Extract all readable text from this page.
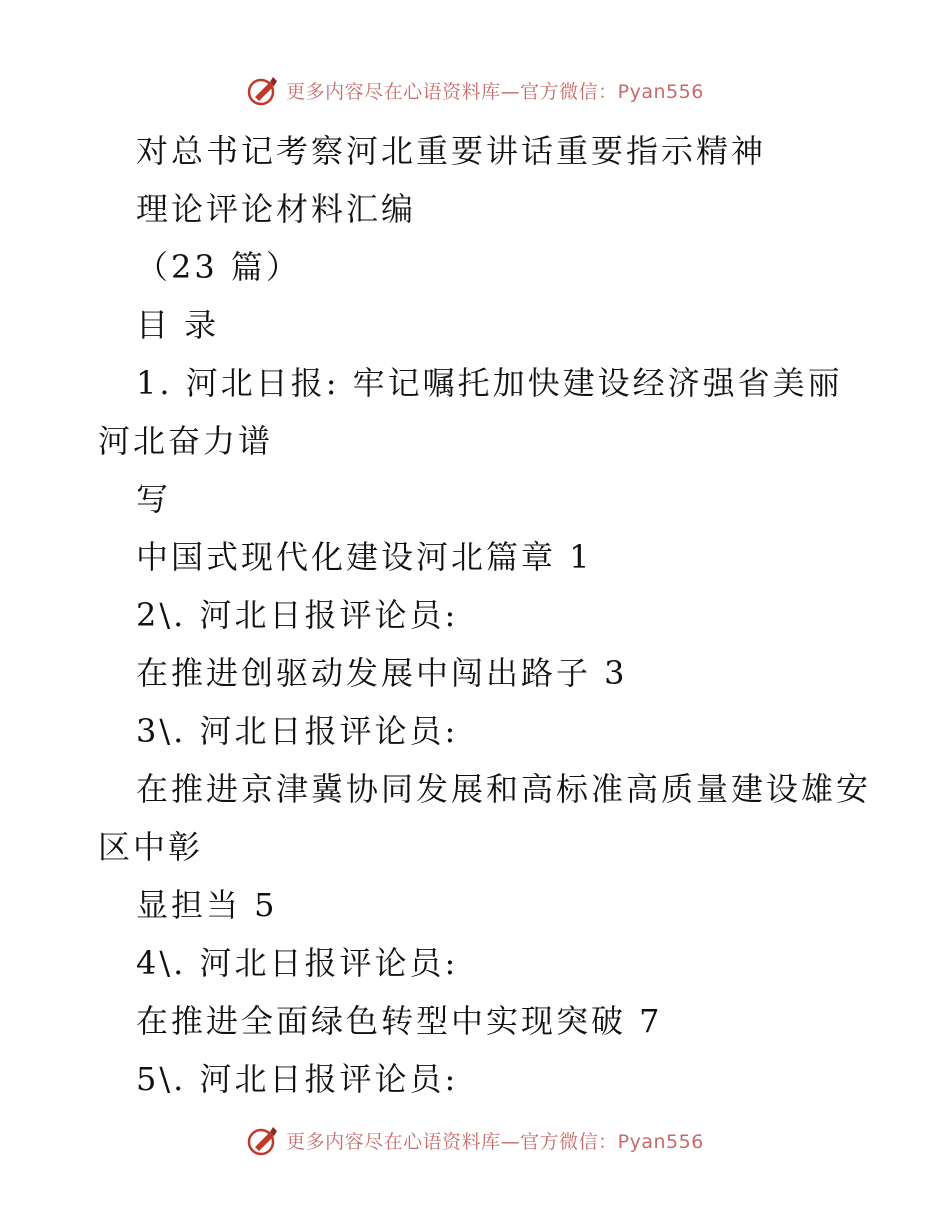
更多内容尽在心语资料库—官方微信：Pyan556
对总书记考察河北重要讲话重要指示精神
理论评论材料汇编
（23 篇）
目 录
1. 河北日报: 牢记嘱托加快建设经济强省美丽
河北奋力谱
写
中国式现代化建设河北篇章 1
2\. 河北日报评论员:
在推进创驱动发展中闯出路子 3
3\. 河北日报评论员:
在推进京津冀协同发展和高标准高质量建设雄安
区中彰
显担当 5
4\. 河北日报评论员:
在推进全面绿色转型中实现突破 7
5\. 河北日报评论员:
更多内容尽在心语资料库—官方微信：Pyan556
